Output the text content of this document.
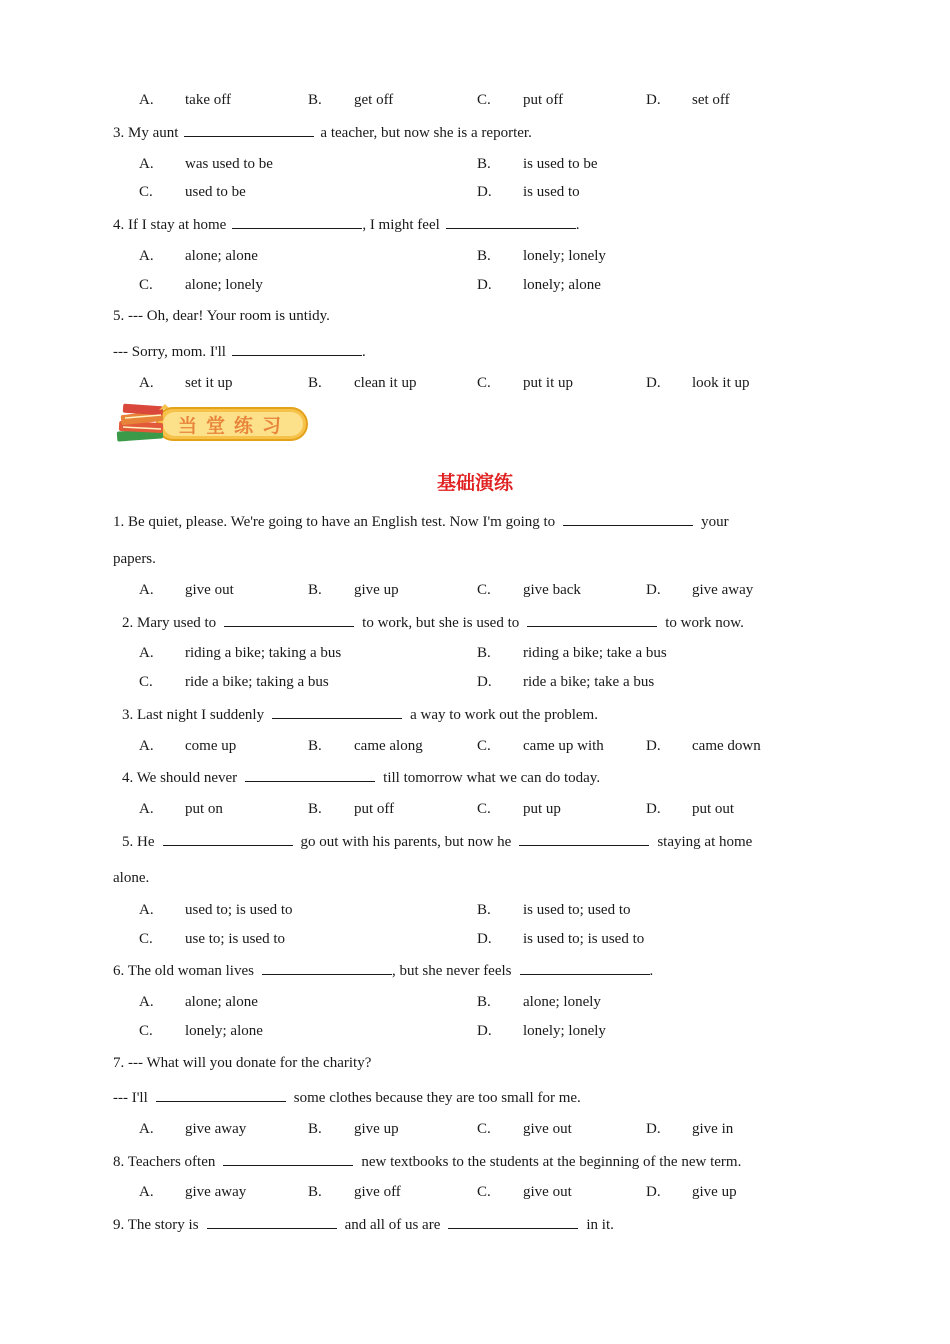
A. take off	B. get off	C. put off	D. set off
3. My aunt	a teacher, but now she is a reporter.
A. was used to be	B. is used to be
C. used to be	D. is used to
4. If I stay at home	, I might feel	.
A. alone; alone	B. lonely; lonely
C. alone; lonely	D. lonely; alone
5. --- Oh, dear! Your room is untidy.
--- Sorry, mom. I'll	.
A. set it up	B. clean it up	C. put it up	D. look it up
当堂练习
基础演练
1. Be quiet, please. We're going to have an English test. Now I'm going to	your
papers.
A. give out	B. give up	C. give back	D. give away
2. Mary used to	to work, but she is used to	to work now.
A. riding a bike; taking a bus	B. riding a bike; take a bus
C. ride a bike; taking a bus	D. ride a bike; take a bus
3. Last night I suddenly	a way to work out the problem.
A. come up	B. came along	C. came up with	D. came down
4. We should never	till tomorrow what we can do today.
A. put on	B. put off	C. put up	D. put out
5. He	go out with his parents, but now he	staying at home
alone.
A. used to; is used to	B. is used to; used to
C. use to; is used to	D. is used to; is used to
6. The old woman lives	, but she never feels	.
A. alone; alone	B. alone; lonely
C. lonely; alone	D. lonely; lonely
7. --- What will you donate for the charity?
--- I'll	some clothes because they are too small for me.
A. give away	B. give up	C. give out	D. give in
8. Teachers often	new textbooks to the students at the beginning of the new term.
A. give away	B. give off	C. give out	D. give up
9. The story is	and all of us are	in it.
